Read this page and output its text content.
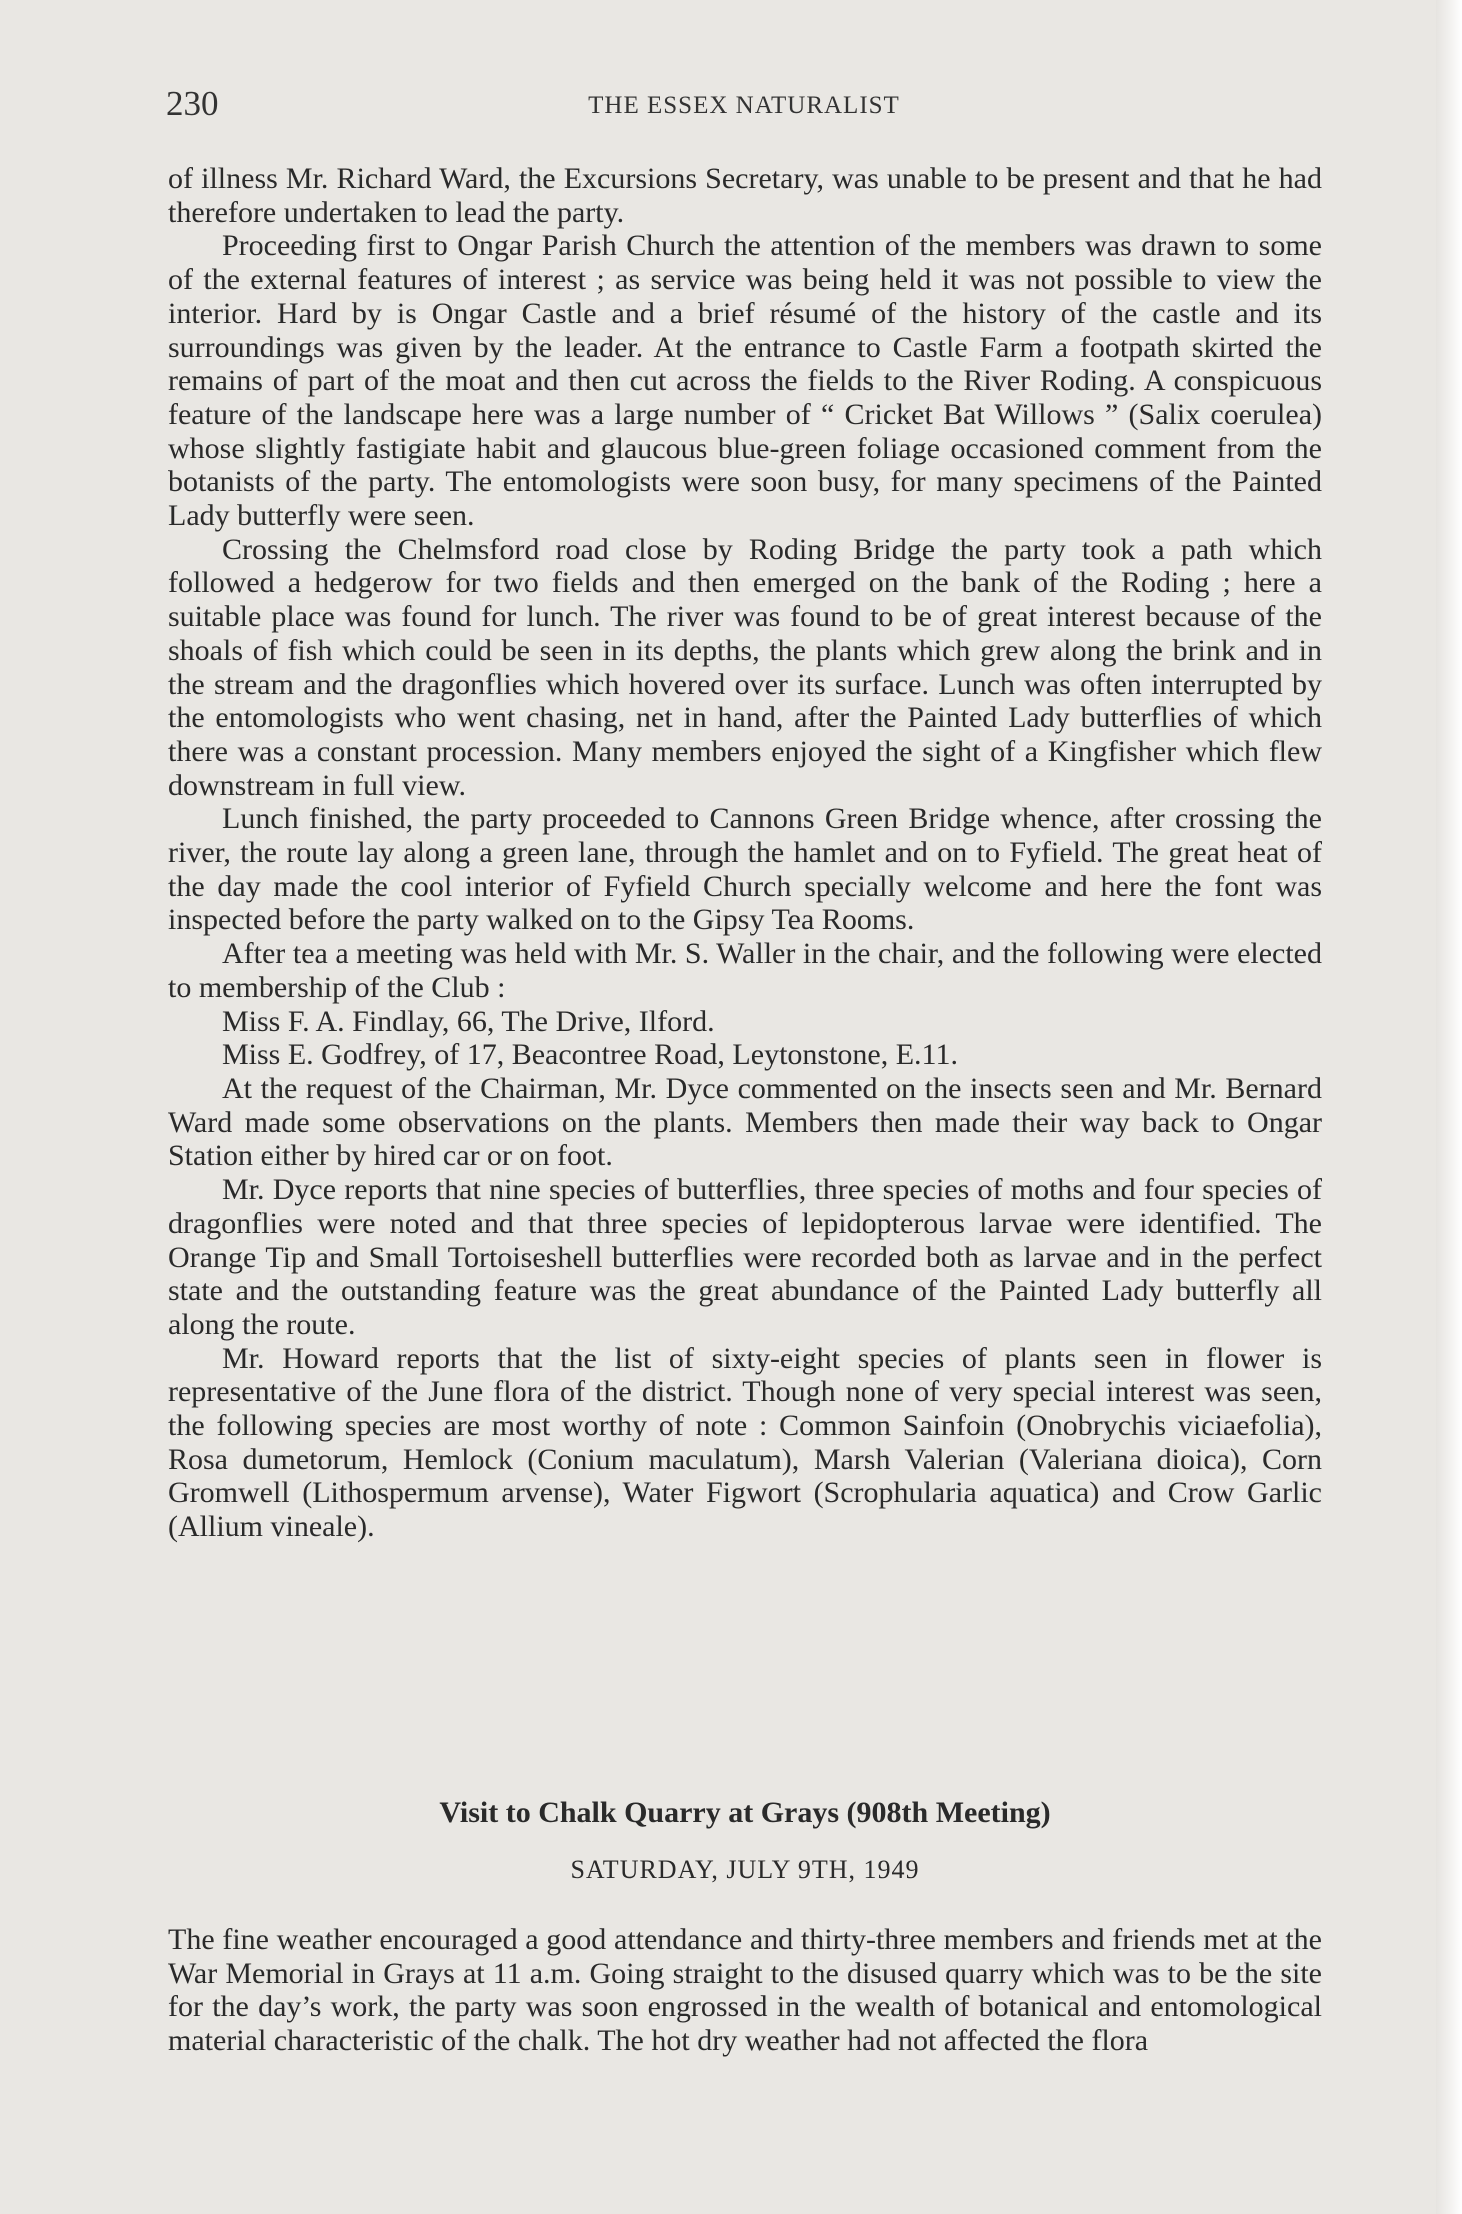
230	THE ESSEX NATURALIST

of illness Mr. Richard Ward, the Excursions Secretary, was unable to be present and that he had therefore undertaken to lead the party.

Proceeding first to Ongar Parish Church the attention of the members was drawn to some of the external features of interest ; as service was being held it was not possible to view the interior. Hard by is Ongar Castle and a brief résumé of the history of the castle and its surroundings was given by the leader. At the entrance to Castle Farm a footpath skirted the remains of part of the moat and then cut across the fields to the River Roding. A conspicuous feature of the landscape here was a large number of “ Cricket Bat Willows ” (Salix coerulea) whose slightly fastigiate habit and glaucous blue-green foliage occasioned comment from the botanists of the party. The entomologists were soon busy, for many specimens of the Painted Lady butterfly were seen.

Crossing the Chelmsford road close by Roding Bridge the party took a path which followed a hedgerow for two fields and then emerged on the bank of the Roding ; here a suitable place was found for lunch. The river was found to be of great interest because of the shoals of fish which could be seen in its depths, the plants which grew along the brink and in the stream and the dragonflies which hovered over its surface. Lunch was often interrupted by the entomologists who went chasing, net in hand, after the Painted Lady butterflies of which there was a constant procession. Many members enjoyed the sight of a Kingfisher which flew downstream in full view.

Lunch finished, the party proceeded to Cannons Green Bridge whence, after crossing the river, the route lay along a green lane, through the hamlet and on to Fyfield. The great heat of the day made the cool interior of Fyfield Church specially welcome and here the font was inspected before the party walked on to the Gipsy Tea Rooms.

After tea a meeting was held with Mr. S. Waller in the chair, and the following were elected to membership of the Club :

Miss F. A. Findlay, 66, The Drive, Ilford.

Miss E. Godfrey, of 17, Beacontree Road, Leytonstone, E.11.

At the request of the Chairman, Mr. Dyce commented on the insects seen and Mr. Bernard Ward made some observations on the plants. Members then made their way back to Ongar Station either by hired car or on foot.

Mr. Dyce reports that nine species of butterflies, three species of moths and four species of dragonflies were noted and that three species of lepidopterous larvae were identified. The Orange Tip and Small Tortoiseshell butterflies were recorded both as larvae and in the perfect state and the outstanding feature was the great abundance of the Painted Lady butterfly all along the route.

Mr. Howard reports that the list of sixty-eight species of plants seen in flower is representative of the June flora of the district. Though none of very special interest was seen, the following species are most worthy of note : Common Sainfoin (Onobrychis viciaefolia), Rosa dumetorum, Hemlock (Conium maculatum), Marsh Valerian (Valeriana dioica), Corn Gromwell (Lithospermum arvense), Water Figwort (Scrophularia aquatica) and Crow Garlic (Allium vineale).

Visit to Chalk Quarry at Grays (908th Meeting)
SATURDAY, JULY 9TH, 1949

The fine weather encouraged a good attendance and thirty-three members and friends met at the War Memorial in Grays at 11 a.m. Going straight to the disused quarry which was to be the site for the day’s work, the party was soon engrossed in the wealth of botanical and entomological material characteristic of the chalk. The hot dry weather had not affected the flora
